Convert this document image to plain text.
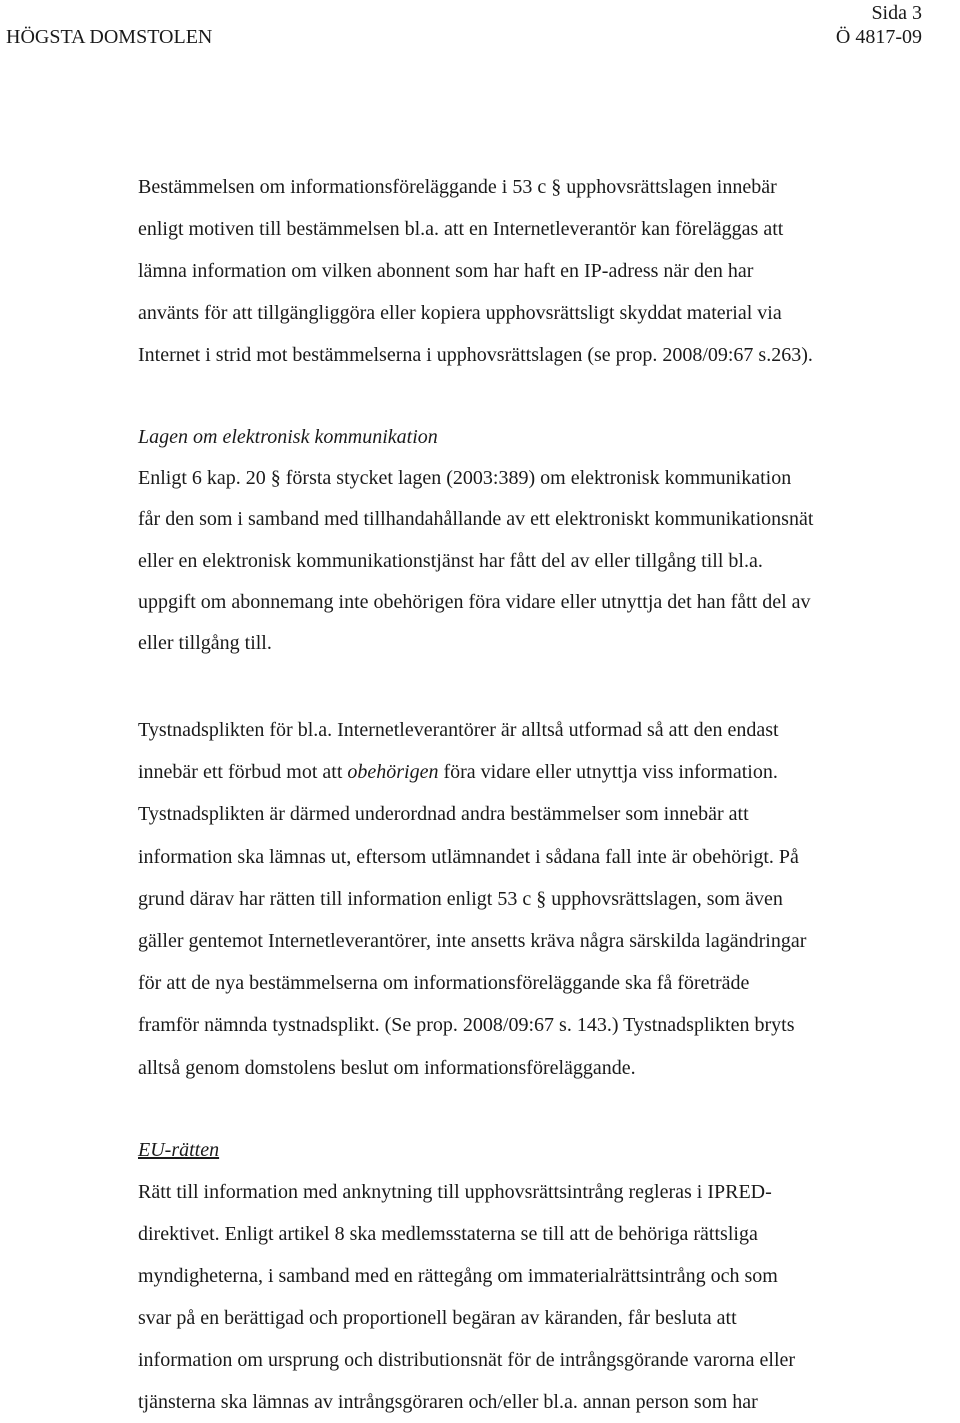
Sida 3
HÖGSTA DOMSTOLEN	Ö 4817-09

Bestämmelsen om informationsföreläggande i 53 c § upphovsrättslagen innebär

enligt motiven till bestämmelsen bl.a. att en Internetleverantör kan föreläggas att

lämna information om vilken abonnent som har haft en IP-adress när den har

använts för att tillgängliggöra eller kopiera upphovsrättsligt skyddat material via

Internet i strid mot bestämmelserna i upphovsrättslagen (se prop. 2008/09:67 s.263).

Lagen om elektronisk kommunikation

Enligt 6 kap. 20 § första stycket lagen (2003:389) om elektronisk kommunikation

får den som i samband med tillhandahållande av ett elektroniskt kommunikationsnät

eller en elektronisk kommunikationstjänst har fått del av eller tillgång till bl.a.

uppgift om abonnemang inte obehörigen föra vidare eller utnyttja det han fått del av

eller tillgång till.

Tystnadsplikten för bl.a. Internetleverantörer är alltså utformad så att den endast

innebär ett förbud mot att obehörigen föra vidare eller utnyttja viss information.

Tystnadsplikten är därmed underordnad andra bestämmelser som innebär att

information ska lämnas ut, eftersom utlämnandet i sådana fall inte är obehörigt. På

grund därav har rätten till information enligt 53 c § upphovsrättslagen, som även

gäller gentemot Internetleverantörer, inte ansetts kräva några särskilda lagändringar

för att de nya bestämmelserna om informationsföreläggande ska få företräde

framför nämnda tystnadsplikt. (Se prop. 2008/09:67 s. 143.) Tystnadsplikten bryts

alltså genom domstolens beslut om informationsföreläggande.

EU-rätten

Rätt till information med anknytning till upphovsrättsintrång regleras i IPRED-

direktivet. Enligt artikel 8 ska medlemsstaterna se till att de behöriga rättsliga

myndigheterna, i samband med en rättegång om immaterialrättsintrång och som

svar på en berättigad och proportionell begäran av käranden, får besluta att

information om ursprung och distributionsnät för de intrångsgörande varorna eller

tjänsterna ska lämnas av intrångsgöraren och/eller bl.a. annan person som har
